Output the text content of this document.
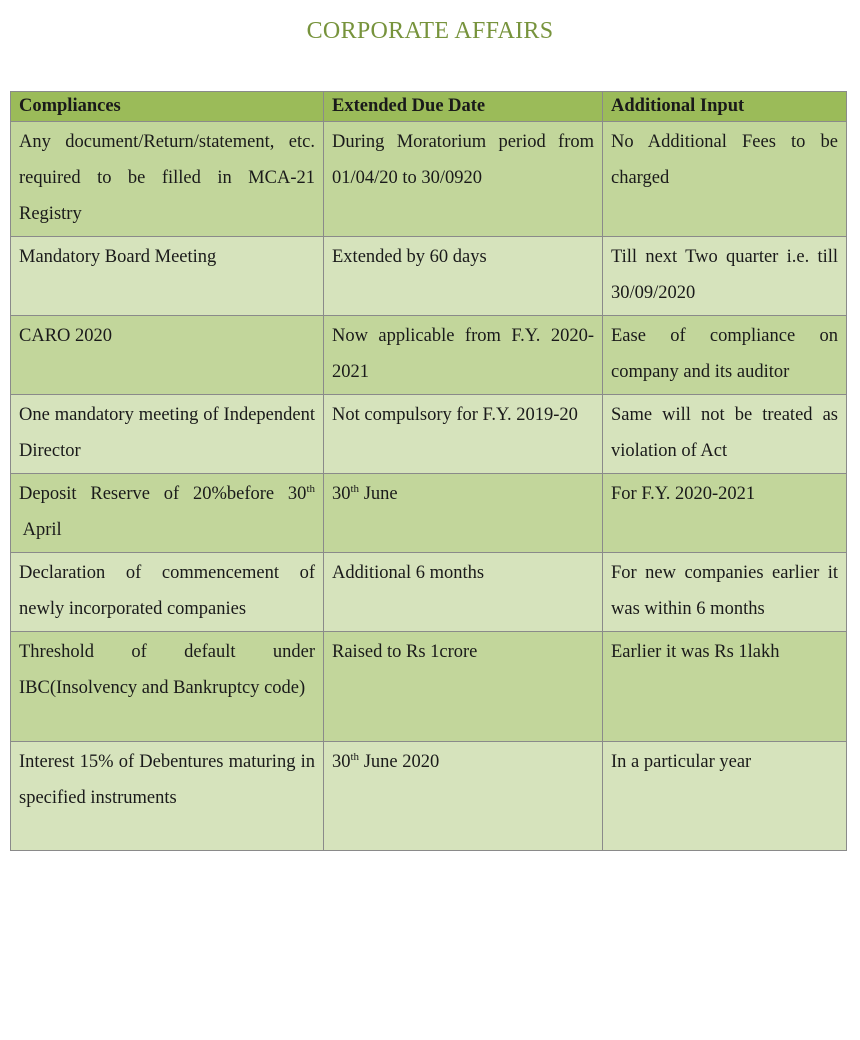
CORPORATE AFFAIRS
Compliances	Extended Due Date	Additional Input
Any document/Return/statement, etc. required to be filled in MCA-21 Registry	During Moratorium period from 01/04/20 to 30/0920	No Additional Fees to be charged
Mandatory Board Meeting	Extended by 60 days	Till next Two quarter i.e. till 30/09/2020
CARO 2020	Now applicable from F.Y. 2020-2021	Ease of compliance on company and its auditor
One mandatory meeting of Independent Director	Not compulsory for F.Y. 2019-20	Same will not be treated as violation of Act
Deposit Reserve of 20%before 30th April	30th June	For F.Y. 2020-2021
Declaration of commencement of newly incorporated companies	Additional 6 months	For new companies earlier it was within 6 months
Threshold of default under IBC(Insolvency and Bankruptcy code)	Raised to Rs 1crore	Earlier it was Rs 1lakh
Interest 15% of Debentures maturing in specified instruments	30th June 2020	In a particular year
